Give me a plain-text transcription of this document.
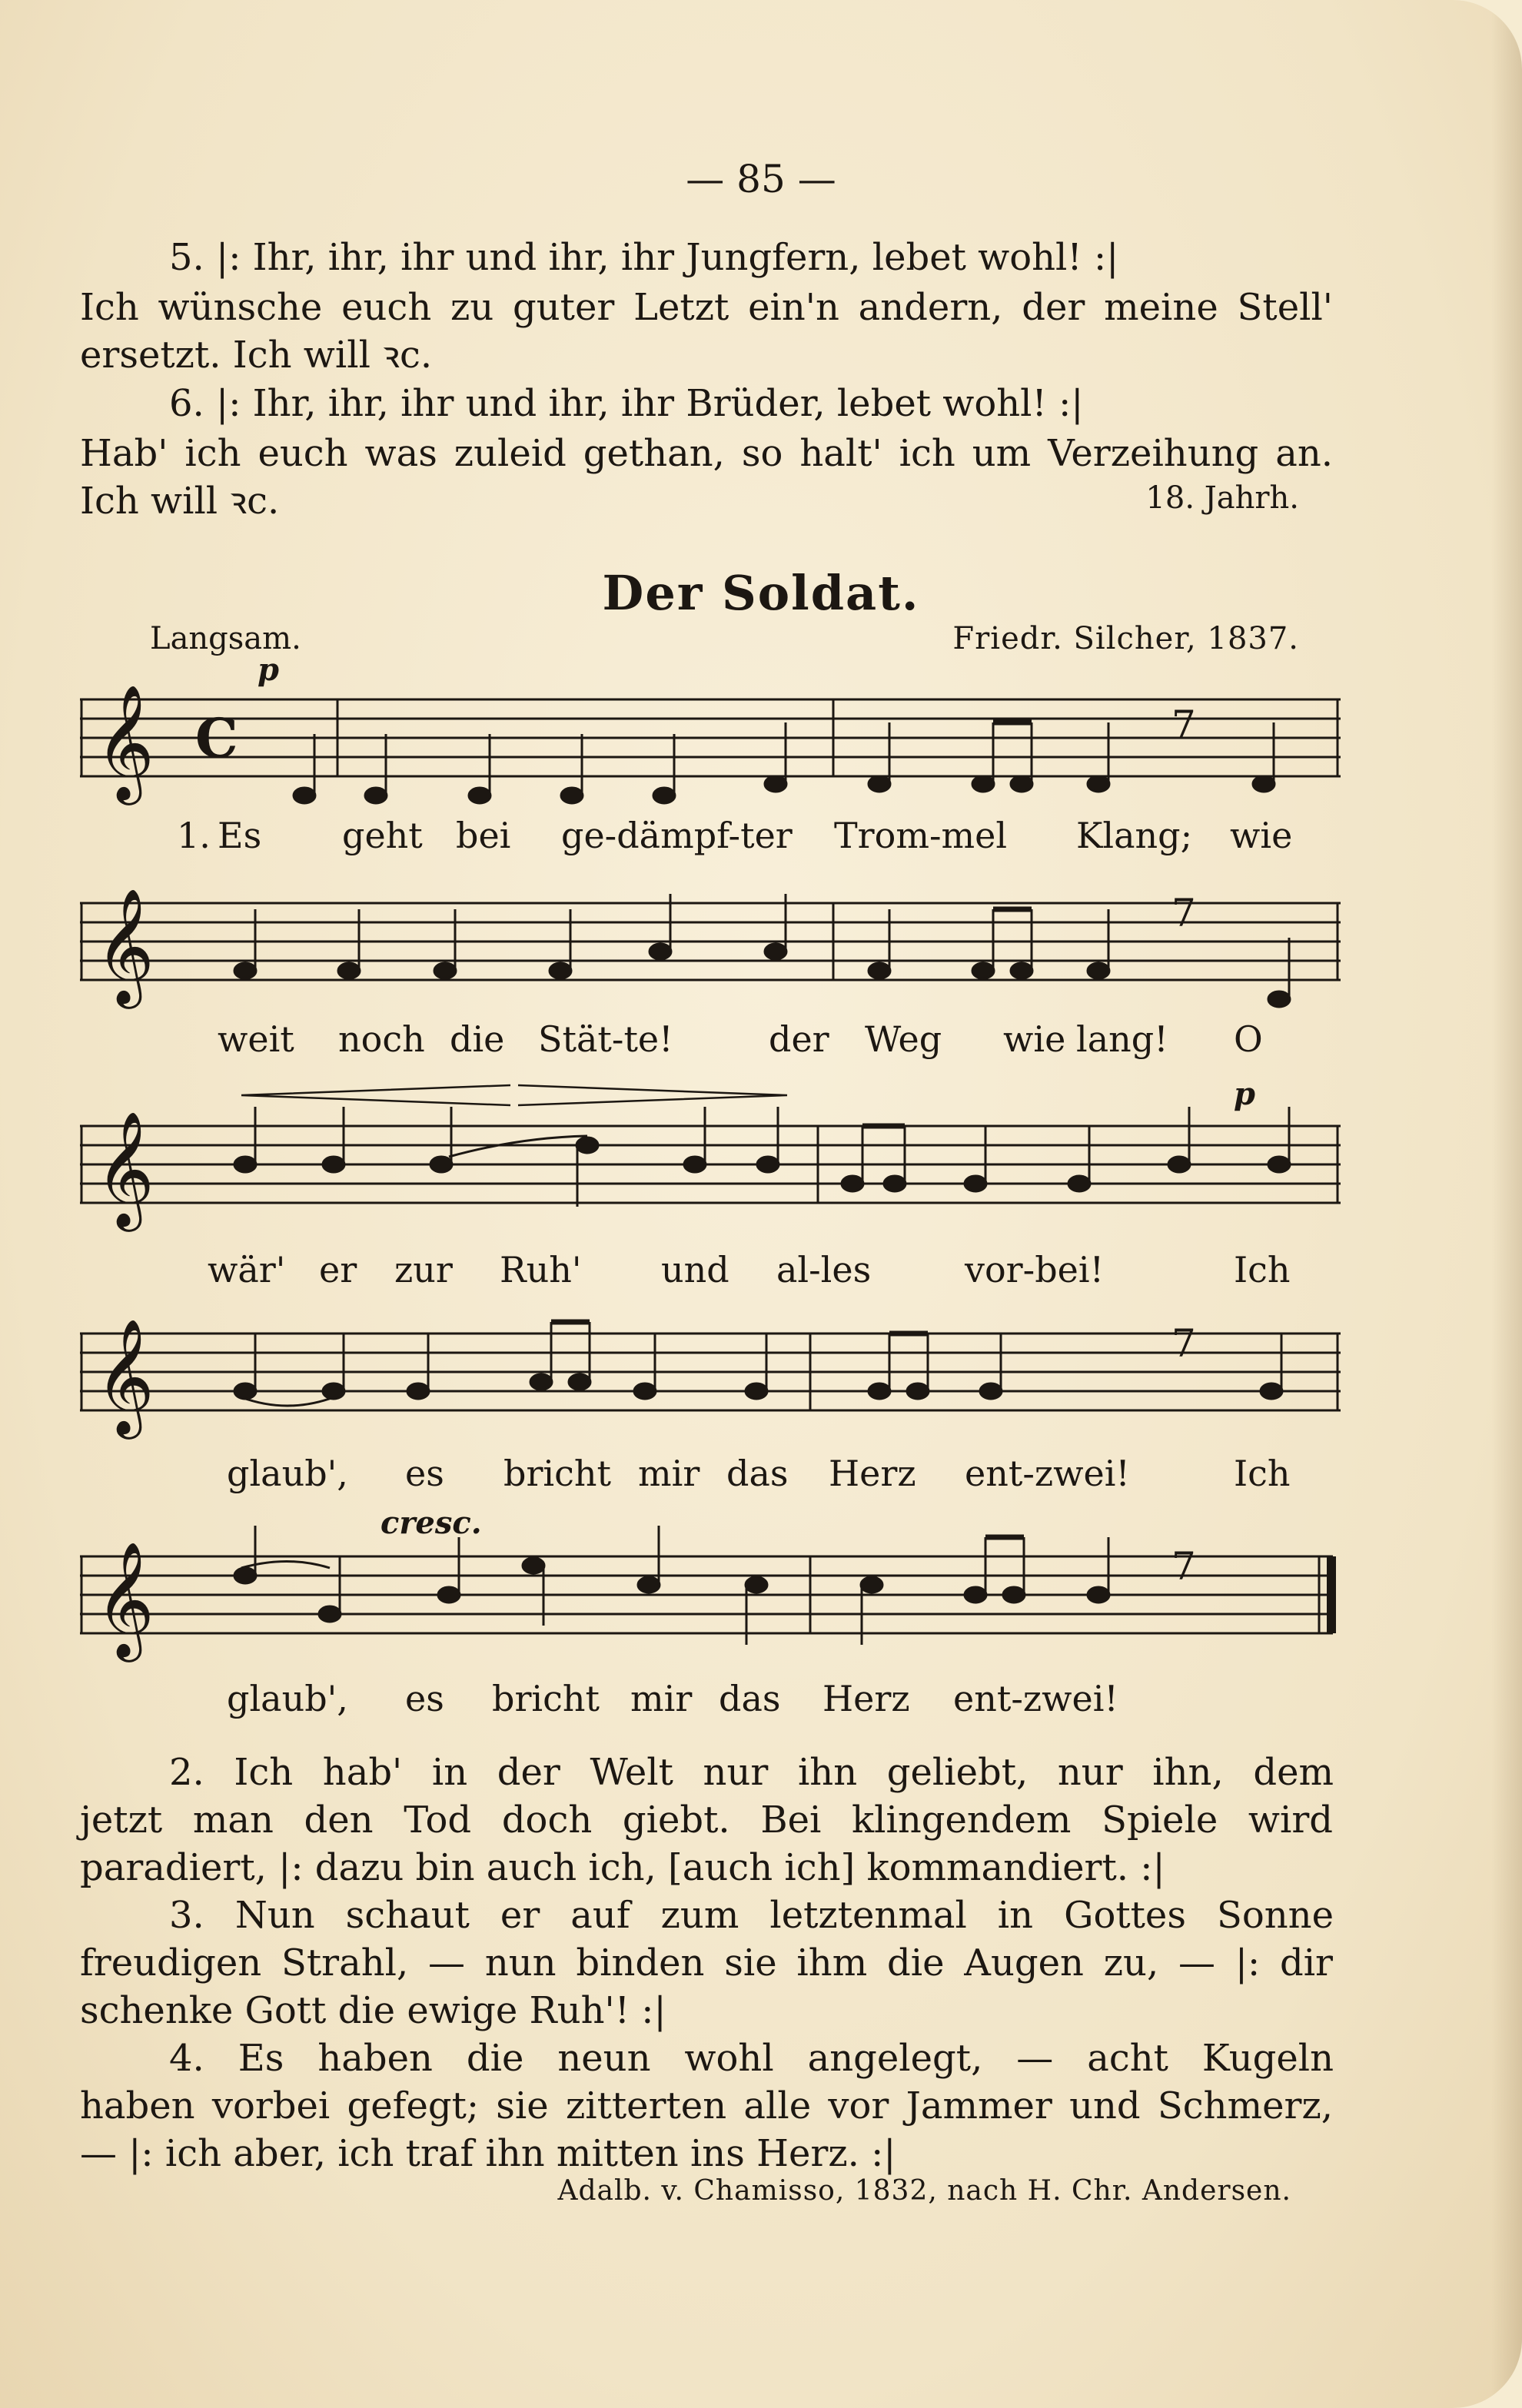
— 85 —
5. |: Ihr, ihr, ihr und ihr, ihr Jungfern, lebet wohl! :|
Ich wünsche euch zu guter Letzt ein'n andern, der meine Stell'
ersetzt. Ich will ꝛc.
6. |: Ihr, ihr, ihr und ihr, ihr Brüder, lebet wohl! :|
Hab' ich euch was zuleid gethan, so halt' ich um Verzeihung an.
Ich will ꝛc.	18. Jahrh.
Der Soldat.
Langsam.	Friedr. Silcher, 1837.
p
𝄞 C	7
1. Es geht bei ge-dämpf-ter Trom-mel Klang; wie
𝄞	7
weit noch die Stät-te!	der Weg wie lang! O
p
𝄞
wär' er zur Ruh' und al-les	vor-bei!	Ich
𝄞	7
glaub', es bricht mir das Herz ent-zwei!	Ich
cresc.
𝄞	7
glaub', es bricht mir das Herz ent-zwei!
2. Ich hab' in der Welt nur ihn geliebt, nur ihn, dem
jetzt man den Tod doch giebt. Bei klingendem Spiele wird
paradiert, |: dazu bin auch ich, [auch ich] kommandiert. :|
3. Nun schaut er auf zum letztenmal in Gottes Sonne
freudigen Strahl, — nun binden sie ihm die Augen zu, — |: dir
schenke Gott die ewige Ruh'! :|
4. Es haben die neun wohl angelegt, — acht Kugeln
haben vorbei gefegt; sie zitterten alle vor Jammer und Schmerz,
— |: ich aber, ich traf ihn mitten ins Herz. :|
Adalb. v. Chamisso, 1832, nach H. Chr. Andersen.
